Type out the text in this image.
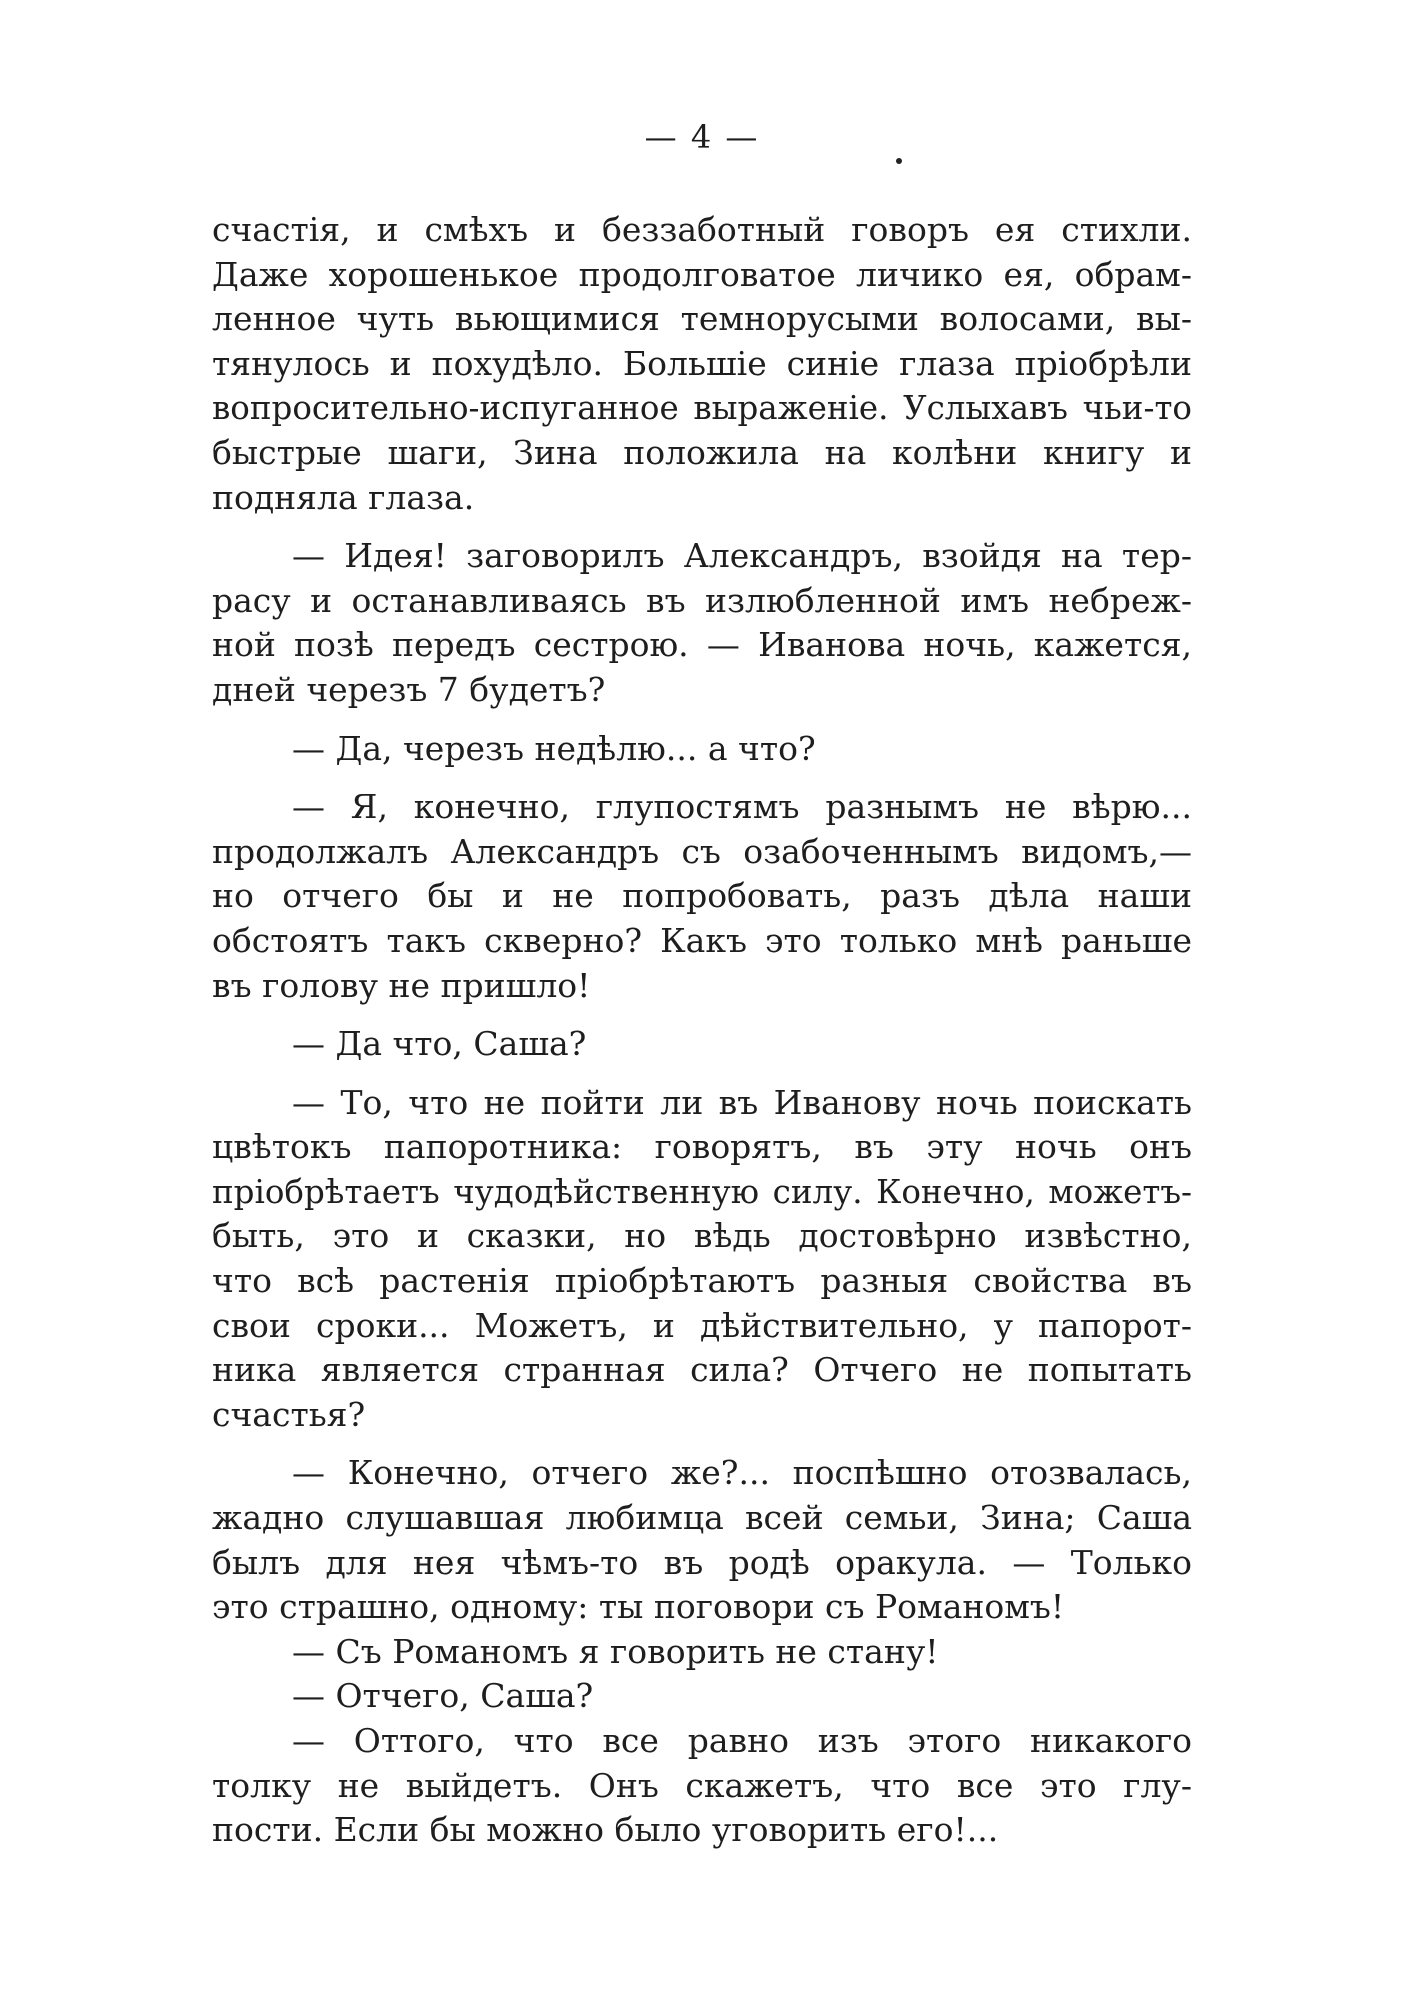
— 4 —
счастія, и смѣхъ и беззаботный говоръ ея стихли.
Даже хорошенькое продолговатое личико ея, обрам-
ленное чуть вьющимися темнорусыми волосами, вы-
тянулось и похудѣло. Большіе синіе глаза пріобрѣли
вопросительно-испуганное выраженіе. Услыхавъ чьи-то
быстрые шаги, Зина положила на колѣни книгу и
подняла глаза.
— Идея! заговорилъ Александръ, взойдя на тер-
расу и останавливаясь въ излюбленной имъ небреж-
ной позѣ передъ сестрою. — Иванова ночь, кажется,
дней черезъ 7 будетъ?
— Да, черезъ недѣлю... а что?
— Я, конечно, глупостямъ разнымъ не вѣрю...
продолжалъ Александръ съ озабоченнымъ видомъ,—
но отчего бы и не попробовать, разъ дѣла наши
обстоятъ такъ скверно? Какъ это только мнѣ раньше
въ голову не пришло!
— Да что, Саша?
— То, что не пойти ли въ Иванову ночь поискать
цвѣтокъ папоротника: говорятъ, въ эту ночь онъ
пріобрѣтаетъ чудодѣйственную силу. Конечно, можетъ-
быть, это и сказки, но вѣдь достовѣрно извѣстно,
что всѣ растенія пріобрѣтаютъ разныя свойства въ
свои сроки... Можетъ, и дѣйствительно, у папорот-
ника является странная сила? Отчего не попытать
счастья?
— Конечно, отчего же?... поспѣшно отозвалась,
жадно слушавшая любимца всей семьи, Зина; Саша
былъ для нея чѣмъ-то въ родѣ оракула. — Только
это страшно, одному: ты поговори съ Романомъ!
— Съ Романомъ я говорить не стану!
— Отчего, Саша?
— Оттого, что все равно изъ этого никакого
толку не выйдетъ. Онъ скажетъ, что все это глу-
пости. Если бы можно было уговорить его!...
